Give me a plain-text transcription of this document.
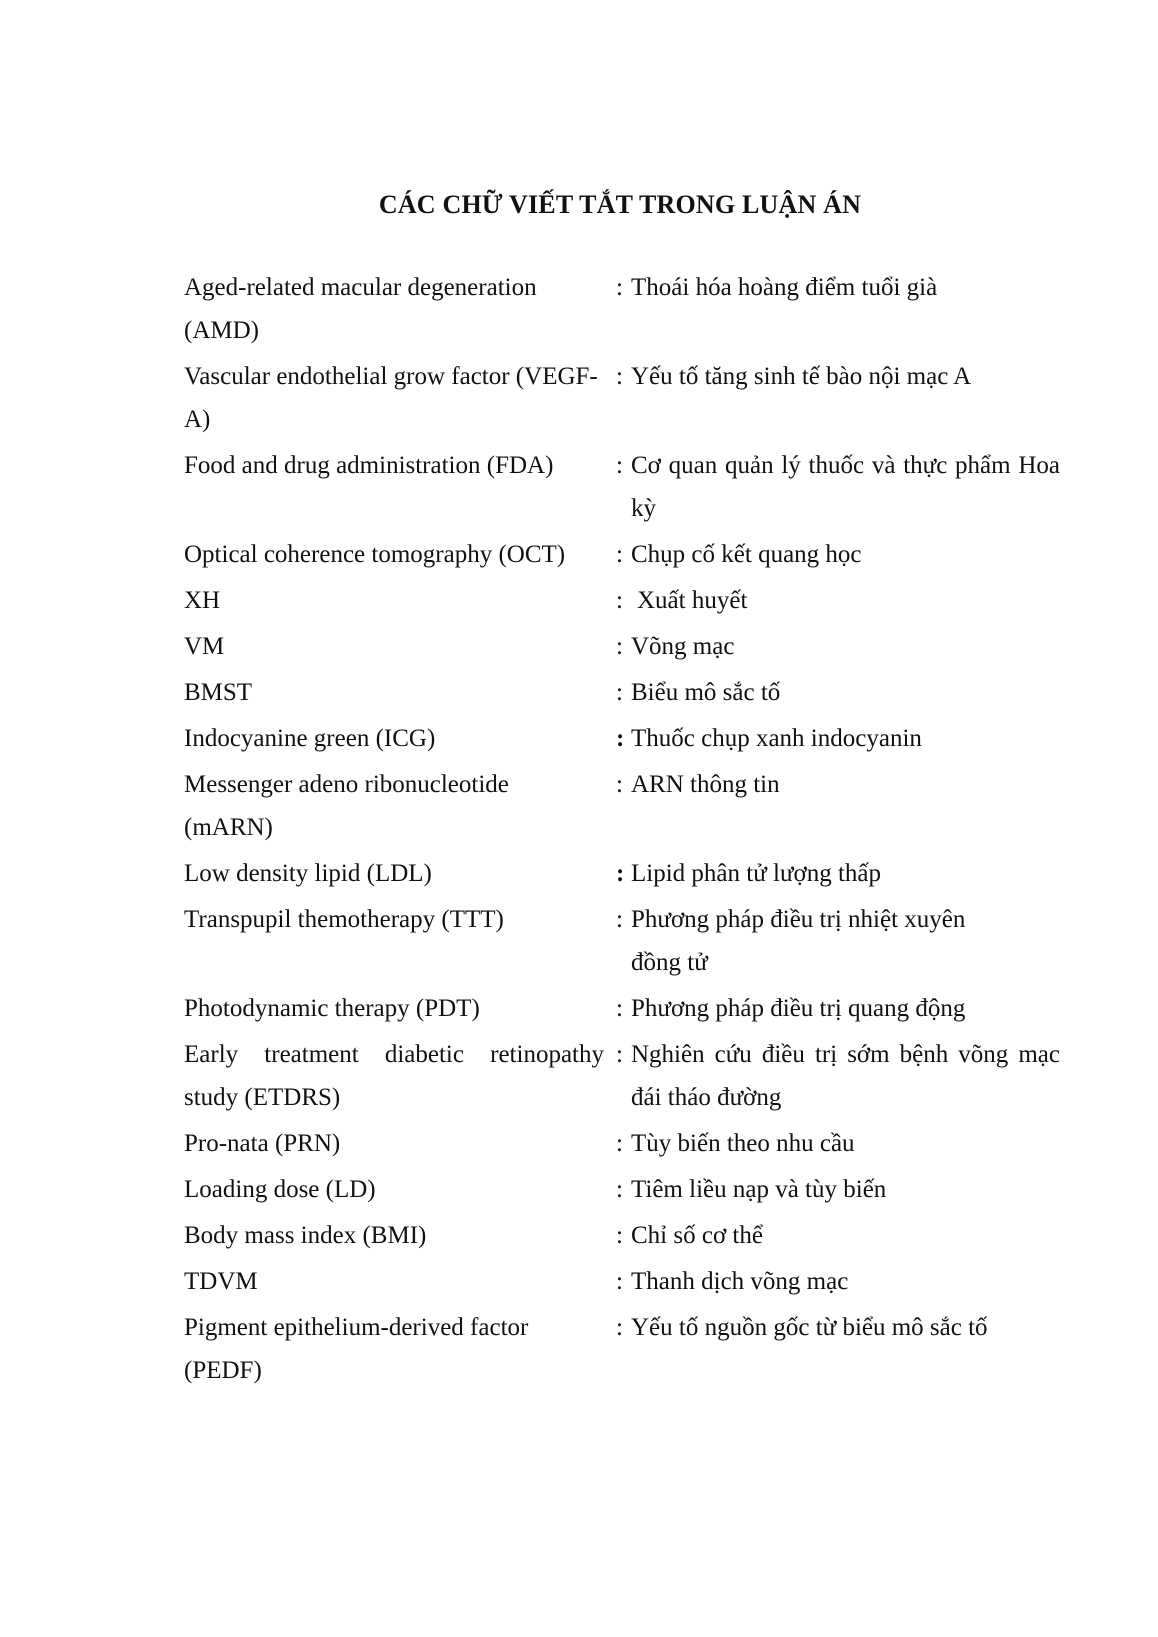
CÁC CHỮ VIẾT TẮT TRONG LUẬN ÁN
Aged-related macular degeneration (AMD)
: Thoái hóa hoàng điểm tuổi già
Vascular endothelial grow factor (VEGF-A)
: Yếu tố tăng sinh tế bào nội mạc A
Food and drug administration (FDA)	: Cơ quan quản lý thuốc và thực phẩm Hoa kỳ
Optical coherence tomography (OCT)	: Chụp cố kết quang học
XH	: Xuất huyết
VM	: Võng mạc
BMST	: Biểu mô sắc tố
Indocyanine green (ICG)	: Thuốc chụp xanh indocyanin
Messenger adeno ribonucleotide (mARN)
: ARN thông tin
Low density lipid (LDL)	: Lipid phân tử lượng thấp
Transpupil themotherapy (TTT)	: Phương pháp điều trị nhiệt xuyên đồng tử
Photodynamic therapy (PDT)	: Phương pháp điều trị quang động
Early treatment diabetic retinopathy study (ETDRS)
: Nghiên cứu điều trị sớm bệnh võng mạc đái tháo đường
Pro-nata (PRN)	: Tùy biến theo nhu cầu
Loading dose (LD)	: Tiêm liều nạp và tùy biến
Body mass index (BMI)	: Chỉ số cơ thể
TDVM	: Thanh dịch võng mạc
Pigment epithelium-derived factor (PEDF)
: Yếu tố nguồn gốc từ biểu mô sắc tố
